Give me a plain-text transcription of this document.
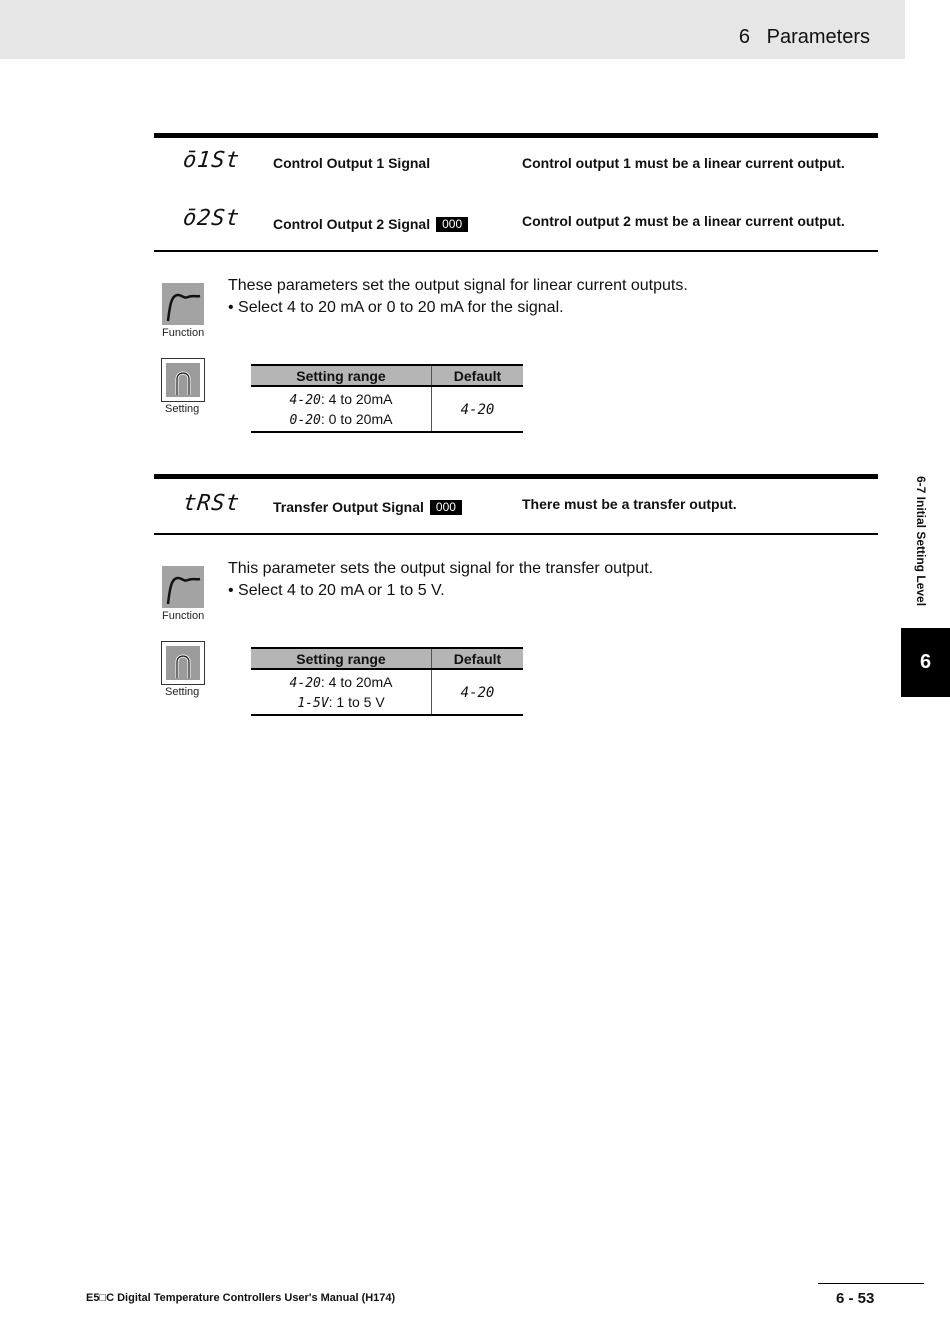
6   Parameters
ō1St Control Output 1 Signal	Control output 1 must be a linear current output.
ō2St Control Output 2 Signal 000	Control output 2 must be a linear current output.
Function
These parameters set the output signal for linear current outputs.

• Select 4 to 20 mA or 0 to 20 mA for the signal.
Setting
Setting range	Default
4-20: 4 to 20mA	4-20
0-20: 0 to 20mA	
tRSt Transfer Output Signal 000	There must be a transfer output.
Function
This parameter sets the output signal for the transfer output.

• Select 4 to 20 mA or 1 to 5 V.
Setting
Setting range	Default
4-20: 4 to 20mA	4-20
1-5V: 1 to 5 V	
6-7 Initial Setting Level
6
E5□C Digital Temperature Controllers User's Manual (H174)	6 - 53
